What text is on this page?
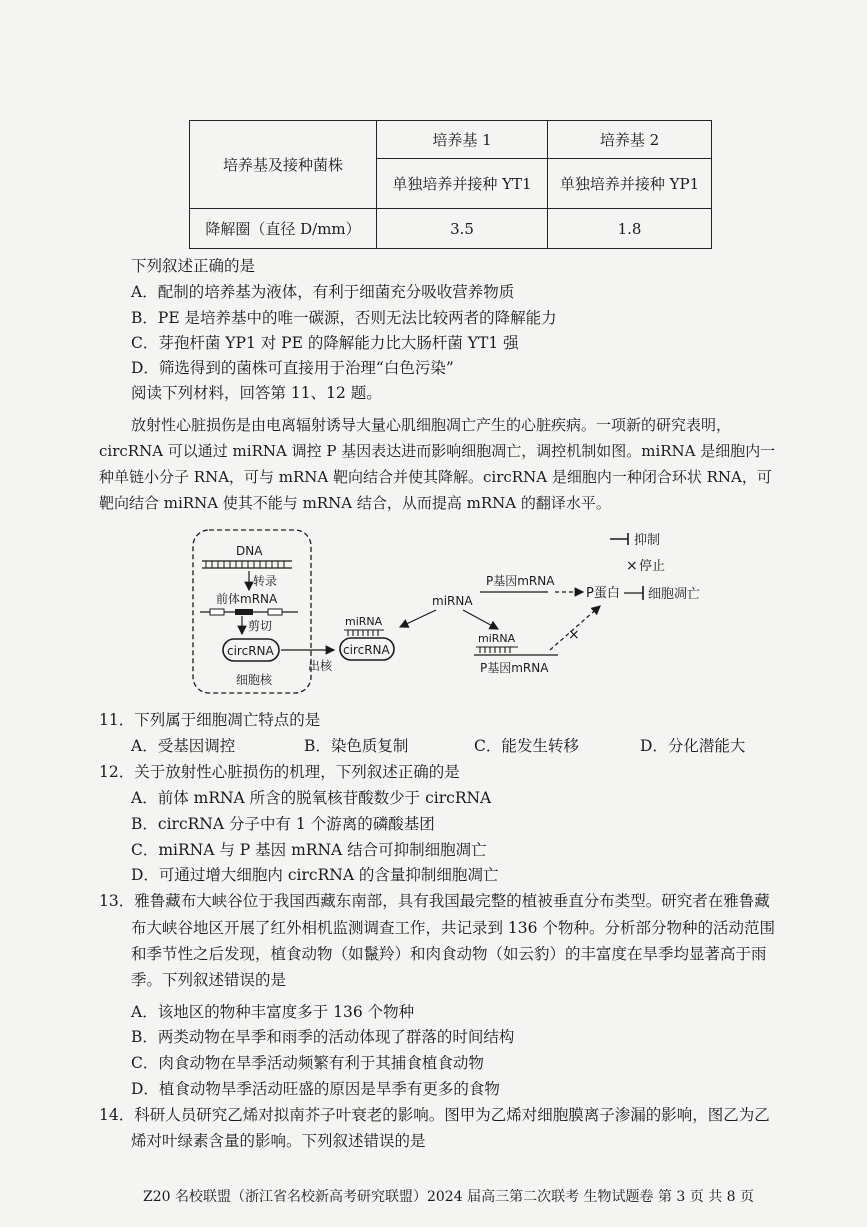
培养基及接种菌株	培养基 1	培养基 2
	单独培养并接种 YT1	单独培养并接种 YP1
降解圈（直径 D/mm）	3.5	1.8
下列叙述正确的是
A．配制的培养基为液体，有利于细菌充分吸收营养物质
B．PE 是培养基中的唯一碳源，否则无法比较两者的降解能力
C．芽孢杆菌 YP1 对 PE 的降解能力比大肠杆菌 YT1 强
D．筛选得到的菌株可直接用于治理“白色污染”
阅读下列材料，回答第 11、12 题。
放射性心脏损伤是由电离辐射诱导大量心肌细胞凋亡产生的心脏疾病。一项新的研究表明，
circRNA 可以通过 miRNA 调控 P 基因表达进而影响细胞凋亡，调控机制如图。miRNA 是细胞内一
种单链小分子 RNA，可与 mRNA 靶向结合并使其降解。circRNA 是细胞内一种闭合环状 RNA，可
靶向结合 miRNA 使其不能与 mRNA 结合，从而提高 mRNA 的翻译水平。
抑制
× 停止
DNA
转录
前体mRNA
剪切
circRNA
细胞核
出核
miRNA
circRNA
miRNA
P基因mRNA
P蛋白 细胞凋亡
miRNA
P基因mRNA
×
11．下列属于细胞凋亡特点的是
A．受基因调控	B．染色质复制	C．能发生转移	D．分化潜能大
12．关于放射性心脏损伤的机理，下列叙述正确的是
A．前体 mRNA 所含的脱氧核苷酸数少于 circRNA
B．circRNA 分子中有 1 个游离的磷酸基团
C．miRNA 与 P 基因 mRNA 结合可抑制细胞凋亡
D．可通过增大细胞内 circRNA 的含量抑制细胞凋亡
13．雅鲁藏布大峡谷位于我国西藏东南部，具有我国最完整的植被垂直分布类型。研究者在雅鲁藏
布大峡谷地区开展了红外相机监测调查工作，共记录到 136 个物种。分析部分物种的活动范围
和季节性之后发现，植食动物（如鬣羚）和肉食动物（如云豹）的丰富度在旱季均显著高于雨
季。下列叙述错误的是
A．该地区的物种丰富度多于 136 个物种
B．两类动物在旱季和雨季的活动体现了群落的时间结构
C．肉食动物在旱季活动频繁有利于其捕食植食动物
D．植食动物旱季活动旺盛的原因是旱季有更多的食物
14．科研人员研究乙烯对拟南芥子叶衰老的影响。图甲为乙烯对细胞膜离子渗漏的影响，图乙为乙
烯对叶绿素含量的影响。下列叙述错误的是
Z20 名校联盟（浙江省名校新高考研究联盟）2024 届高三第二次联考 生物试题卷 第 3 页 共 8 页
